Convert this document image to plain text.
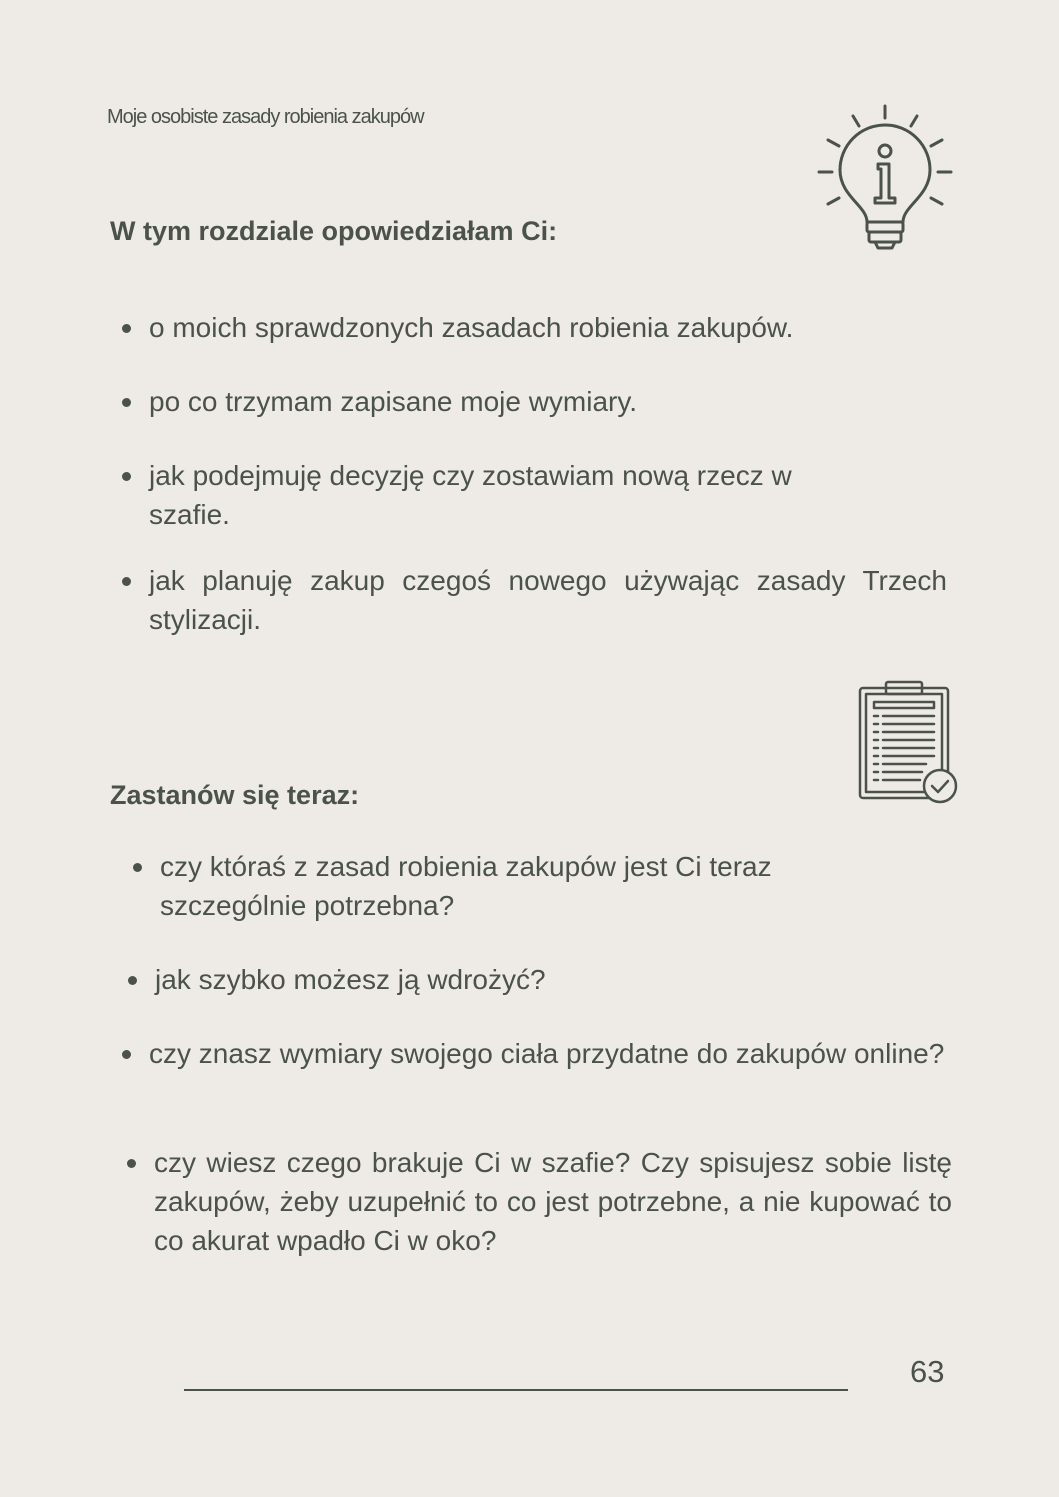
Moje osobiste zasady robienia zakupów
W tym rozdziale opowiedziałam Ci:
o moich sprawdzonych zasadach robienia zakupów.
po co trzymam zapisane moje wymiary.
jak podejmuję decyzję czy zostawiam nową rzecz w szafie.
jak planuję zakup czegoś nowego używając zasady Trzech stylizacji.
Zastanów się teraz:
czy któraś z zasad robienia zakupów jest Ci teraz szczególnie potrzebna?
jak szybko możesz ją wdrożyć?
czy znasz wymiary swojego ciała przydatne do zakupów online?
czy wiesz czego brakuje Ci w szafie? Czy spisujesz sobie listę zakupów, żeby uzupełnić to co jest potrzebne, a nie kupować to co akurat wpadło Ci w oko?
63
